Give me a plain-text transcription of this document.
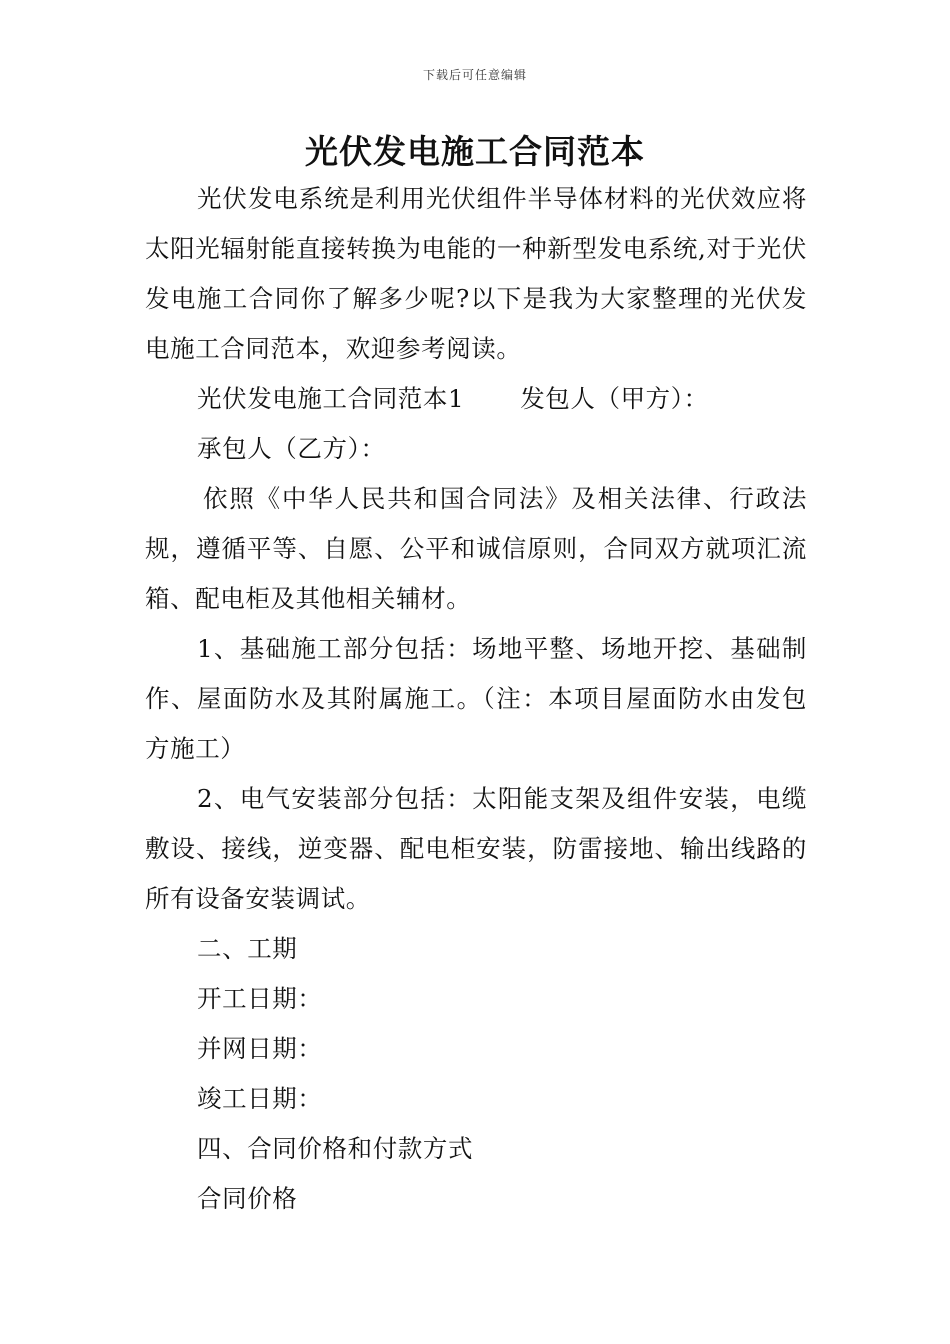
下载后可任意编辑
光伏发电施工合同范本

光伏发电系统是利用光伏组件半导体材料的光伏效应将太阳光辐射能直接转换为电能的一种新型发电系统,对于光伏发电施工合同你了解多少呢?以下是我为大家整理的光伏发电施工合同范本，欢迎参考阅读。

光伏发电施工合同范本1 发包人（甲方）：

承包人（乙方）：

依照《中华人民共和国合同法》及相关法律、行政法规，遵循平等、自愿、公平和诚信原则，合同双方就项汇流箱、配电柜及其他相关辅材。

1、基础施工部分包括：场地平整、场地开挖、基础制作、屋面防水及其附属施工。（注：本项目屋面防水由发包方施工）

2、电气安装部分包括：太阳能支架及组件安装，电缆敷设、接线，逆变器、配电柜安装，防雷接地、输出线路的所有设备安装调试。

二、工期

开工日期：

并网日期：

竣工日期：

四、合同价格和付款方式

合同价格
